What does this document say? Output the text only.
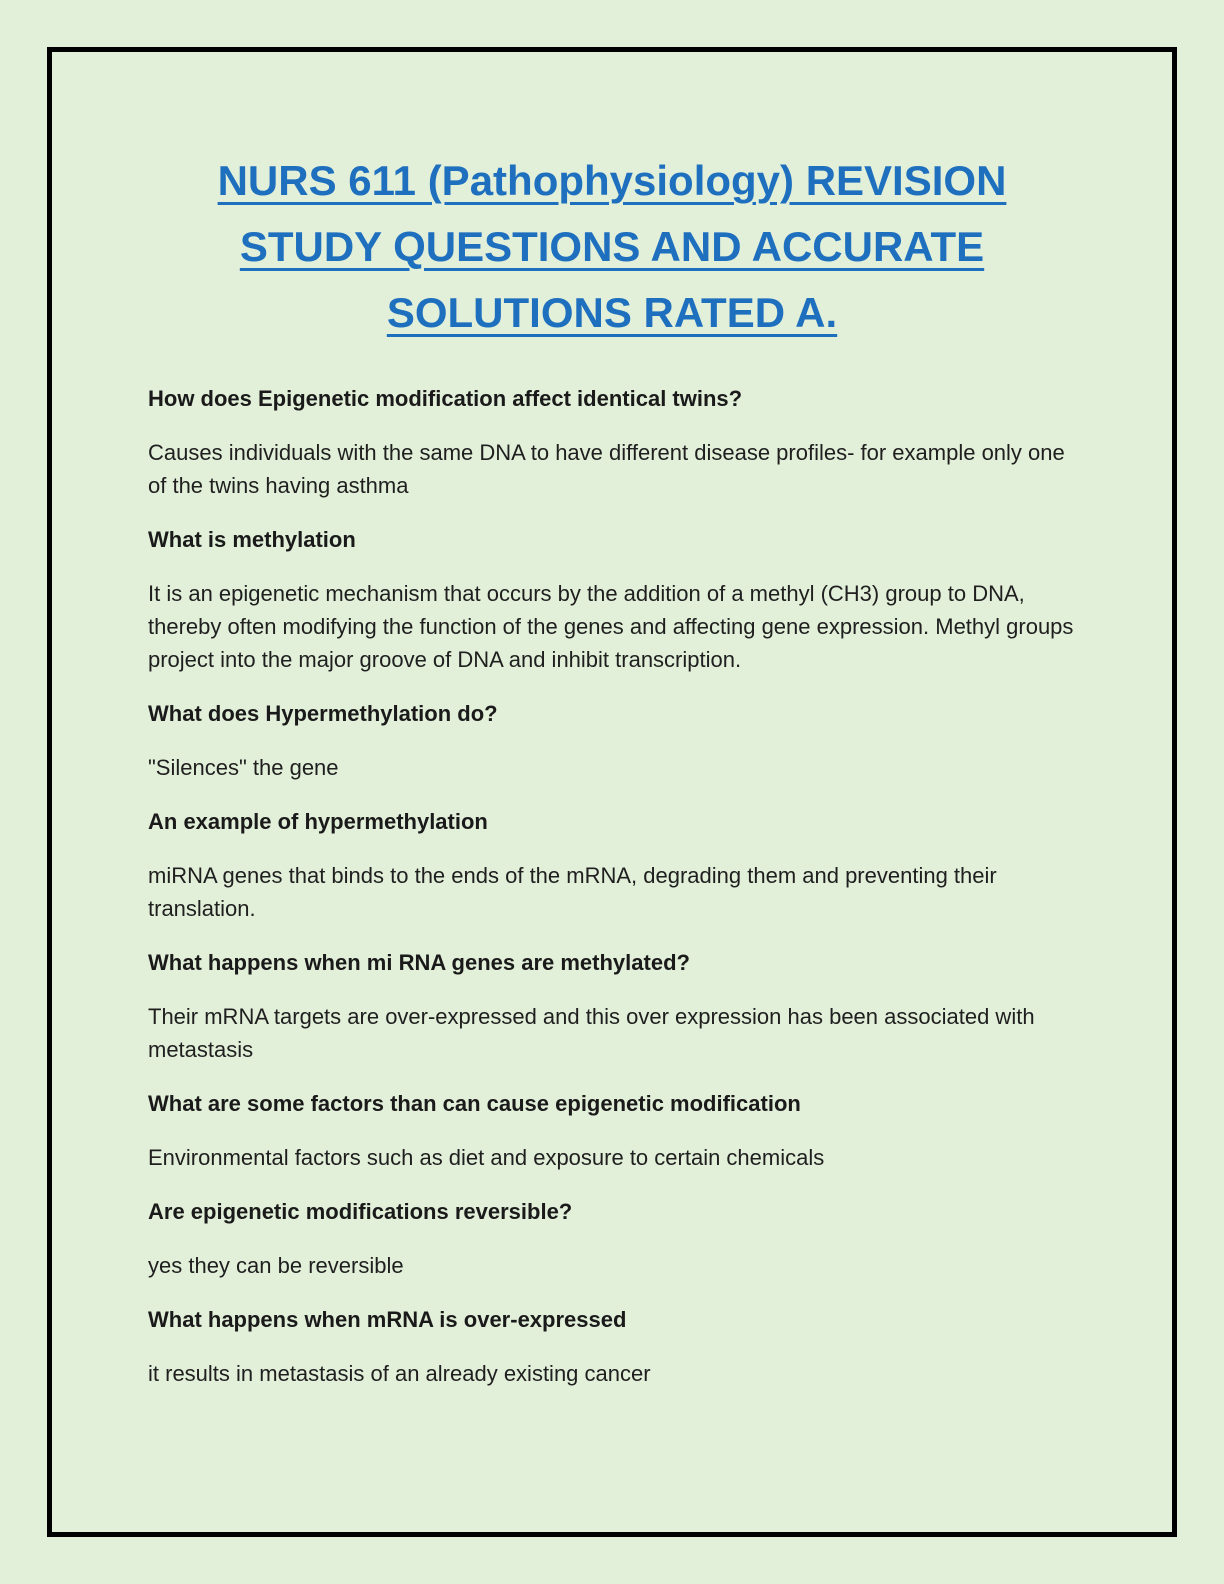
NURS 611 (Pathophysiology) REVISION
STUDY QUESTIONS AND ACCURATE
SOLUTIONS RATED A.

How does Epigenetic modification affect identical twins?

Causes individuals with the same DNA to have different disease profiles- for example only one of the twins having asthma

What is methylation

It is an epigenetic mechanism that occurs by the addition of a methyl (CH3) group to DNA, thereby often modifying the function of the genes and affecting gene expression. Methyl groups project into the major groove of DNA and inhibit transcription.

What does Hypermethylation do?

"Silences" the gene

An example of hypermethylation

miRNA genes that binds to the ends of the mRNA, degrading them and preventing their translation.

What happens when mi RNA genes are methylated?

Their mRNA targets are over-expressed and this over expression has been associated with metastasis

What are some factors than can cause epigenetic modification

Environmental factors such as diet and exposure to certain chemicals

Are epigenetic modifications reversible?

yes they can be reversible

What happens when mRNA is over-expressed

it results in metastasis of an already existing cancer
